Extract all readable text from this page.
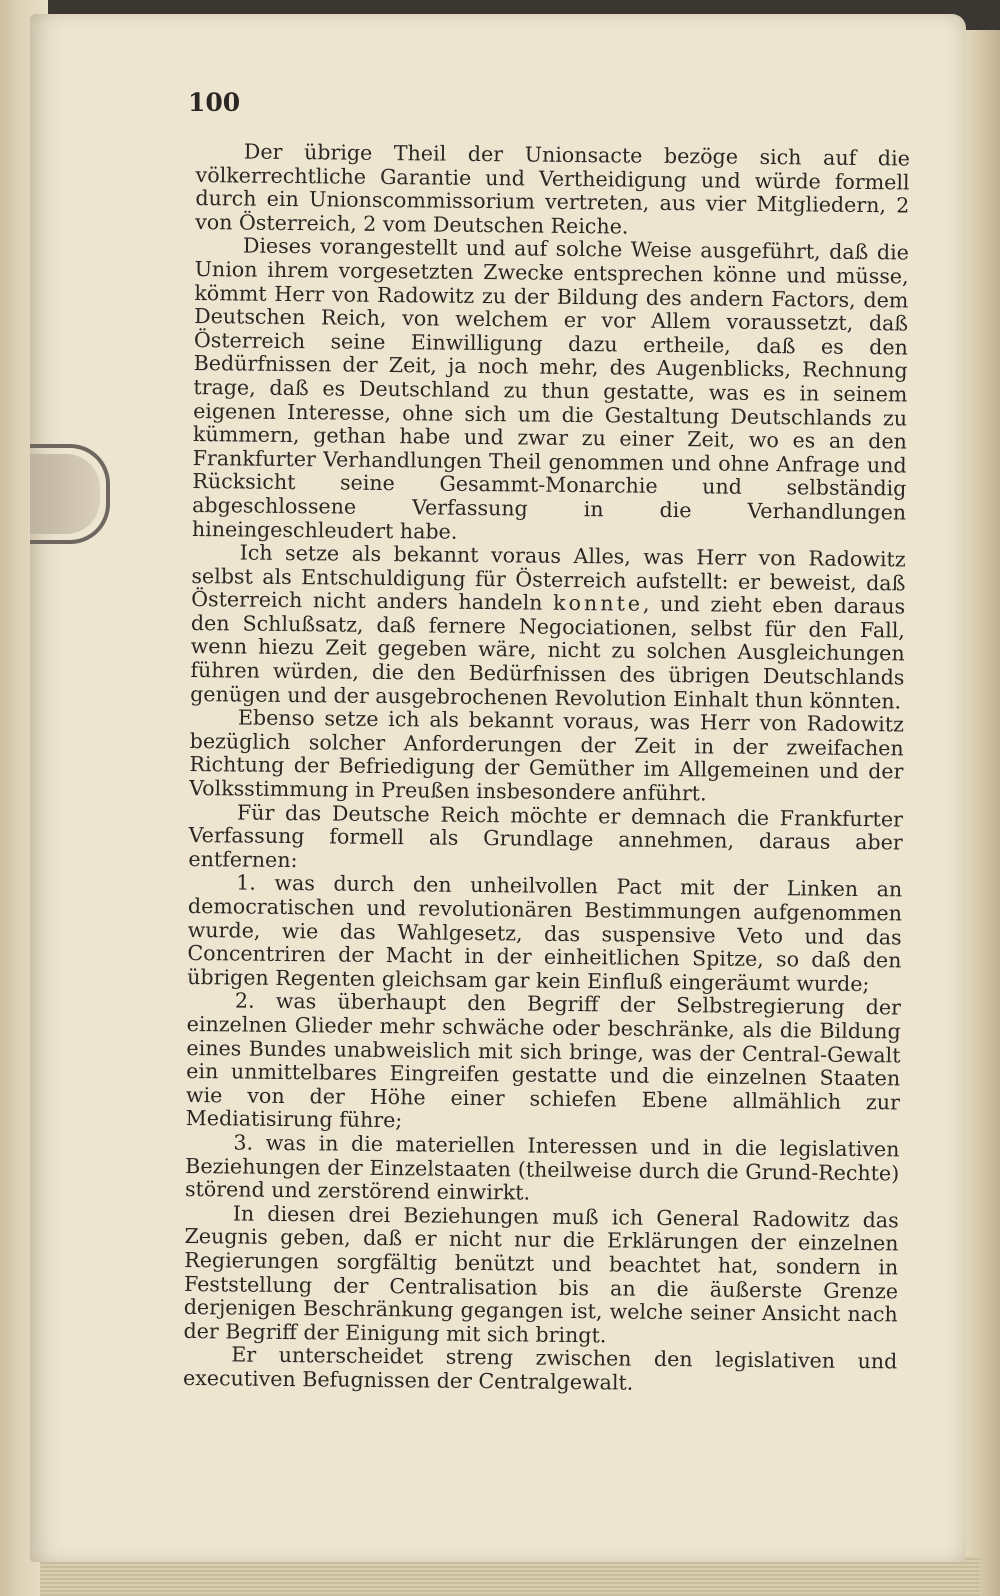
100

Der übrige Theil der Unionsacte bezöge sich auf die völkerrechtliche Garantie und Vertheidigung und würde formell durch ein Unionscommissorium vertreten, aus vier Mitgliedern, 2 von Österreich, 2 vom Deutschen Reiche.

Dieses vorangestellt und auf solche Weise ausgeführt, daß die Union ihrem vorgesetzten Zwecke entsprechen könne und müsse, kömmt Herr von Radowitz zu der Bildung des andern Factors, dem Deutschen Reich, von welchem er vor Allem voraussetzt, daß Österreich seine Einwilligung dazu ertheile, daß es den Bedürfnissen der Zeit, ja noch mehr, des Augenblicks, Rechnung trage, daß es Deutschland zu thun gestatte, was es in seinem eigenen Interesse, ohne sich um die Gestaltung Deutschlands zu kümmern, gethan habe und zwar zu einer Zeit, wo es an den Frankfurter Verhandlungen Theil genommen und ohne Anfrage und Rücksicht seine Gesammt-Monarchie und selbständig abgeschlossene Verfassung in die Verhandlungen hineingeschleudert habe.

Ich setze als bekannt voraus Alles, was Herr von Radowitz selbst als Entschuldigung für Österreich aufstellt: er beweist, daß Österreich nicht anders handeln konnte, und zieht eben daraus den Schlußsatz, daß fernere Negociationen, selbst für den Fall, wenn hiezu Zeit gegeben wäre, nicht zu solchen Ausgleichungen führen würden, die den Bedürfnissen des übrigen Deutschlands genügen und der ausgebrochenen Revolution Einhalt thun könnten.

Ebenso setze ich als bekannt voraus, was Herr von Radowitz bezüglich solcher Anforderungen der Zeit in der zweifachen Richtung der Befriedigung der Gemüther im Allgemeinen und der Volksstimmung in Preußen insbesondere anführt.

Für das Deutsche Reich möchte er demnach die Frankfurter Verfassung formell als Grundlage annehmen, daraus aber entfernen:

1. was durch den unheilvollen Pact mit der Linken an democratischen und revolutionären Bestimmungen aufgenommen wurde, wie das Wahlgesetz, das suspensive Veto und das Concentriren der Macht in der einheitlichen Spitze, so daß den übrigen Regenten gleichsam gar kein Einfluß eingeräumt wurde;

2. was überhaupt den Begriff der Selbstregierung der einzelnen Glieder mehr schwäche oder beschränke, als die Bildung eines Bundes unabweislich mit sich bringe, was der Central-Gewalt ein unmittelbares Eingreifen gestatte und die einzelnen Staaten wie von der Höhe einer schiefen Ebene allmählich zur Mediatisirung führe;

3. was in die materiellen Interessen und in die legislativen Beziehungen der Einzelstaaten (theilweise durch die Grund-Rechte) störend und zerstörend einwirkt.

In diesen drei Beziehungen muß ich General Radowitz das Zeugnis geben, daß er nicht nur die Erklärungen der einzelnen Regierungen sorgfältig benützt und beachtet hat, sondern in Feststellung der Centralisation bis an die äußerste Grenze derjenigen Beschränkung gegangen ist, welche seiner Ansicht nach der Begriff der Einigung mit sich bringt.

Er unterscheidet streng zwischen den legislativen und executiven Befugnissen der Centralgewalt.
